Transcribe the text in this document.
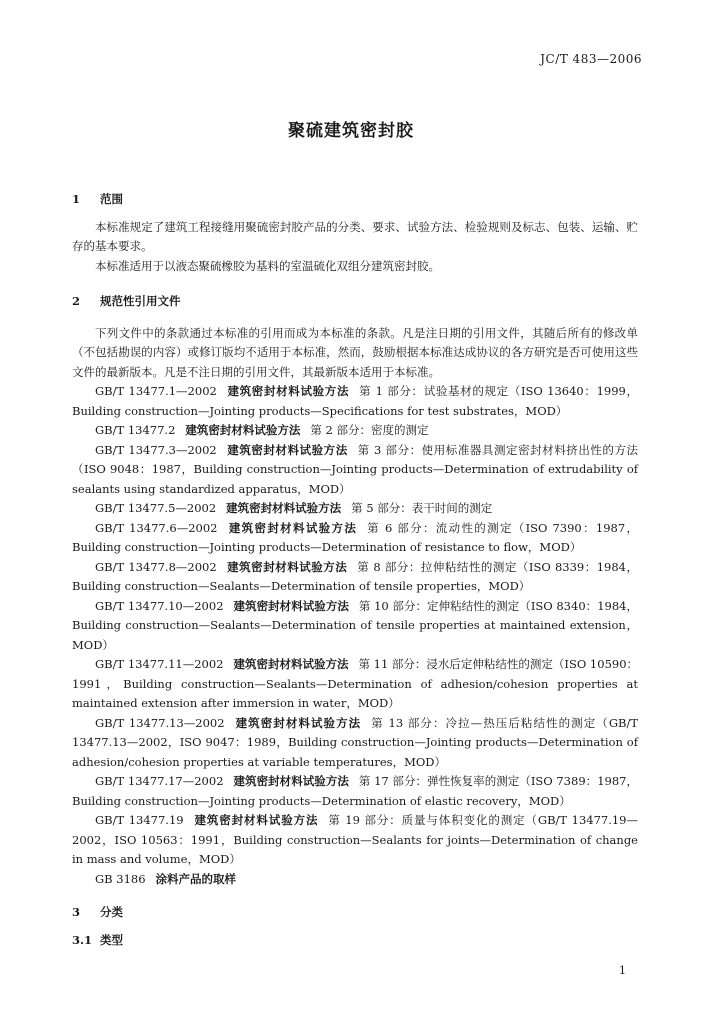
JC/T 483—2006
聚硫建筑密封胶
1 范围

本标准规定了建筑工程接缝用聚硫密封胶产品的分类、要求、试验方法、检验规则及标志、包装、运输、贮存的基本要求。

本标准适用于以液态聚硫橡胶为基料的室温硫化双组分建筑密封胶。

2 规范性引用文件

下列文件中的条款通过本标准的引用而成为本标准的条款。凡是注日期的引用文件，其随后所有的修改单（不包括勘误的内容）或修订版均不适用于本标准，然而，鼓励根据本标准达成协议的各方研究是否可使用这些文件的最新版本。凡是不注日期的引用文件，其最新版本适用于本标准。

GB/T 13477.1—2002 建筑密封材料试验方法 第 1 部分：试验基材的规定（ISO 13640：1999，Building construction—Jointing products—Specifications for test substrates，MOD）

GB/T 13477.2 建筑密封材料试验方法 第 2 部分：密度的测定

GB/T 13477.3—2002 建筑密封材料试验方法 第 3 部分：使用标准器具测定密封材料挤出性的方法（ISO 9048：1987，Building construction—Jointing products—Determination of extrudability of sealants using standardized apparatus，MOD）

GB/T 13477.5—2002 建筑密封材料试验方法 第 5 部分：表干时间的测定

GB/T 13477.6—2002 建筑密封材料试验方法 第 6 部分：流动性的测定（ISO 7390：1987，Building construction—Jointing products—Determination of resistance to flow，MOD）

GB/T 13477.8—2002 建筑密封材料试验方法 第 8 部分：拉伸粘结性的测定（ISO 8339：1984，Building construction—Sealants—Determination of tensile properties，MOD）

GB/T 13477.10—2002 建筑密封材料试验方法 第 10 部分：定伸粘结性的测定（ISO 8340：1984，Building construction—Sealants—Determination of tensile properties at maintained extension，MOD）

GB/T 13477.11—2002 建筑密封材料试验方法 第 11 部分：浸水后定伸粘结性的测定（ISO 10590：1991，Building construction—Sealants—Determination of adhesion/cohesion properties at maintained extension after immersion in water，MOD）

GB/T 13477.13—2002 建筑密封材料试验方法 第 13 部分：冷拉—热压后粘结性的测定（GB/T 13477.13—2002，ISO 9047：1989，Building construction—Jointing products—Determination of adhesion/cohesion properties at variable temperatures，MOD）

GB/T 13477.17—2002 建筑密封材料试验方法 第 17 部分：弹性恢复率的测定（ISO 7389：1987，Building construction—Jointing products—Determination of elastic recovery，MOD）

GB/T 13477.19 建筑密封材料试验方法 第 19 部分：质量与体积变化的测定（GB/T 13477.19—2002，ISO 10563：1991，Building construction—Sealants for joints—Determination of change in mass and volume，MOD）

GB 3186 涂料产品的取样

3 分类
3.1 类型
1
